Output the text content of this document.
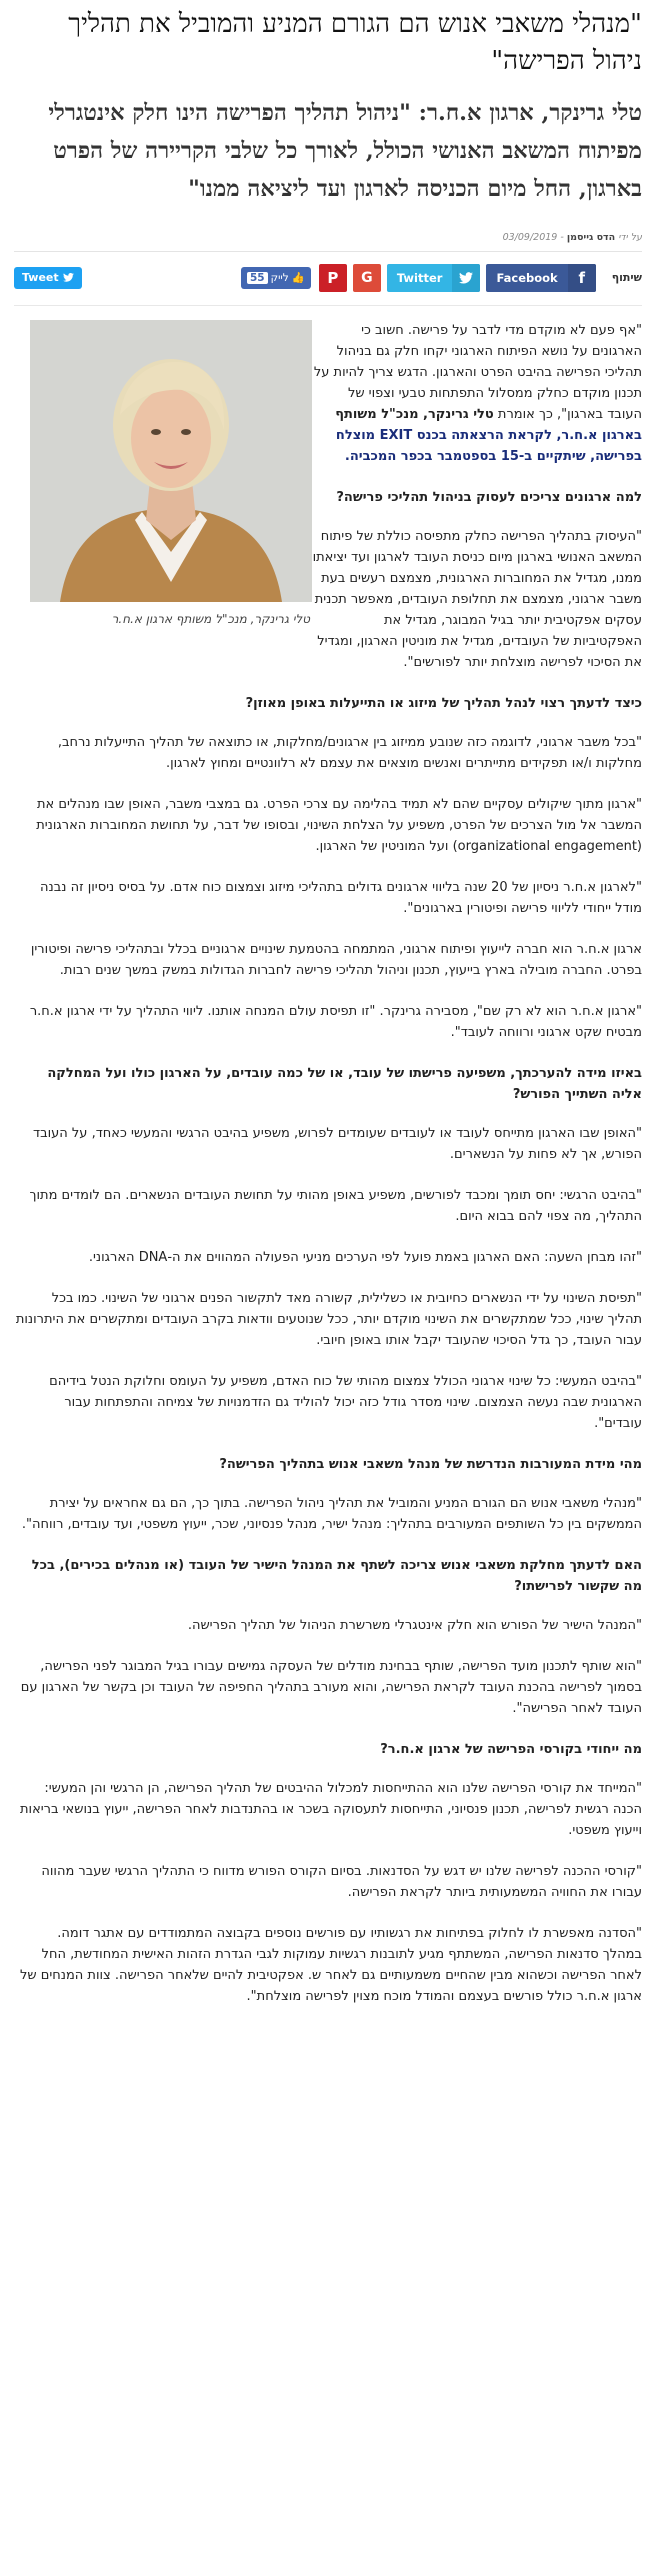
"מנהלי משאבי אנוש הם הגורם המניע והמוביל את תהליך ניהול הפרישה"
טלי גרינקר, ארגון א.ח.ר: "ניהול תהליך הפרישה הינו חלק אינטגרלי מפיתוח המשאב האנושי הכולל, לאורך כל שלבי הקריירה של הפרט בארגון, החל מיום הכניסה לארגון ועד ליציאה ממנו"
על ידי הדס גייסמן - 03/09/2019
שיתוף
f
Facebook
Twitter
G
P
👍
לייק
55
Tweet
טלי גרינקר, מנכ"ל משותף ארגון א.ח.ר

"אף פעם לא מוקדם מדי לדבר על פרישה. חשוב כי הארגונים על נושא הפיתוח הארגוני יקחו חלק גם בניהול תהליכי הפרישה בהיבט הפרט והארגון. הדגש צריך להיות על תכנון מוקדם כחלק ממסלול התפתחות טבעי וצפוי של העובד בארגון", כך אומרת טלי גרינקר, מנכ"ל משותף בארגון א.ח.ר, לקראת הרצאתה בכנס EXIT מוצלח בפרישה, שיתקיים ב-15 בספטמבר בכפר המכביה.

למה ארגונים צריכים לעסוק בניהול תהליכי פרישה?

"העיסוק בתהליך הפרישה כחלק מתפיסה כוללת של פיתוח המשאב האנושי בארגון מיום כניסת העובד לארגון ועד יציאתו ממנו, מגדיל את המחוברות הארגונית, מצמצם רעשים בעת משבר ארגוני, מצמצם את תחלופת העובדים, מאפשר תכנית עסקים אפקטיבית יותר בגיל המבוגר, מגדיל את האפקטיביות של העובדים, מגדיל את מוניטין הארגון, ומגדיל את הסיכוי לפרישה מוצלחת יותר לפורשים".

כיצד לדעתך רצוי לנהל תהליך של מיזוג או התייעלות באופן מאוזן?

"בכל משבר ארגוני, לדוגמה כזה שנובע ממיזוג בין ארגונים/מחלקות, או כתוצאה של תהליך התייעלות נרחב, מחלקות ו/או תפקידים מתייתרים ואנשים מוצאים את עצמם לא רלוונטיים ומחוץ לארגון.

"ארגון מתוך שיקולים עסקיים שהם לא תמיד בהלימה עם צרכי הפרט. גם במצבי משבר, האופן שבו מנהלים את המשבר אל מול הצרכים של הפרט, משפיע על הצלחת השינוי, ובסופו של דבר, על תחושת המחוברות הארגונית (organizational engagement) ועל המוניטין של הארגון.

"לארגון א.ח.ר ניסיון של 20 שנה בליווי ארגונים גדולים בתהליכי מיזוג וצמצום כוח אדם. על בסיס ניסיון זה נבנה מודל ייחודי לליווי פרישה ופיטורין בארגונים".

ארגון א.ח.ר הוא חברה לייעוץ ופיתוח ארגוני, המתמחה בהטמעת שינויים ארגוניים בכלל ובתהליכי פרישה ופיטורין בפרט. החברה מובילה בארץ בייעוץ, תכנון וניהול תהליכי פרישה לחברות הגדולות במשק במשך שנים רבות.

"ארגון א.ח.ר הוא לא רק שם", מסבירה גרינקר. "זו תפיסת עולם המנחה אותנו. ליווי התהליך על ידי ארגון א.ח.ר מבטיח שקט ארגוני ורווחה לעובד".

באיזו מידה להערכתך, משפיעה פרישתו של עובד, או של כמה עובדים, על הארגון כולו ועל המחלקה אליה השתייך הפורש?

"האופן שבו הארגון מתייחס לעובד או לעובדים שעומדים לפרוש, משפיע בהיבט הרגשי והמעשי כאחד, על העובד הפורש, אך לא פחות על הנשארים.

"בהיבט הרגשי: יחס תומך ומכבד לפורשים, משפיע באופן מהותי על תחושת העובדים הנשארים. הם לומדים מתוך התהליך, מה צפוי להם בבוא היום.

"זהו מבחן השעה: האם הארגון באמת פועל לפי הערכים מניעי הפעולה המהווים את ה-DNA הארגוני.

"תפיסת השינוי על ידי הנשארים כחיובית או כשלילית, קשורה מאד לתקשור הפנים ארגוני של השינוי. כמו בכל תהליך שינוי, ככל שמתקשרים את השינוי מוקדם יותר, ככל שנוטעים וודאות בקרב העובדים ומתקשרים את היתרונות עבור העובד, כך גדל הסיכוי שהעובד יקבל אותו באופן חיובי.

"בהיבט המעשי: כל שינוי ארגוני הכולל צמצום מהותי של כוח האדם, משפיע על העומס וחלוקת הנטל בידיהם הארגונית שבה נעשה הצמצום. שינוי מסדר גודל כזה יכול להוליד גם הזדמנויות של צמיחה והתפתחות עבור עובדים".

מהי מידת המעורבות הנדרשת של מנהל משאבי אנוש בתהליך הפרישה?

"מנהלי משאבי אנוש הם הגורם המניע והמוביל את תהליך ניהול הפרישה. בתוך כך, הם גם אחראים על יצירת הממשקים בין כל השותפים המעורבים בתהליך: מנהל ישיר, מנהל פנסיוני, שכר, ייעוץ משפטי, ועד עובדים, רווחה".

האם לדעתך מחלקת משאבי אנוש צריכה לשתף את המנהל הישיר של העובד (או מנהלים בכירים), בכל מה שקשור לפרישתו?

"המנהל הישיר של הפורש הוא חלק אינטגרלי משרשרת הניהול של תהליך הפרישה.

"הוא שותף לתכנון מועד הפרישה, שותף בבחינת מודלים של העסקה גמישים עבורו בגיל המבוגר לפני הפרישה, בסמוך לפרישה בהכנת העובד לקראת הפרישה, והוא מעורב בתהליך החפיפה של העובד וכן בקשר של הארגון עם העובד לאחר הפרישה".

מה ייחודי בקורסי הפרישה של ארגון א.ח.ר?

"המייחד את קורסי הפרישה שלנו הוא ההתייחסות למכלול ההיבטים של תהליך הפרישה, הן הרגשי והן המעשי: הכנה רגשית לפרישה, תכנון פנסיוני, התייחסות לתעסוקה בשכר או בהתנדבות לאחר הפרישה, ייעוץ בנושאי בריאות וייעוץ משפטי.

"קורסי ההכנה לפרישה שלנו יש דגש על הסדנאות. בסיום הקורס הפורש מדווח כי התהליך הרגשי שעבר מהווה עבורו את החוויה המשמעותית ביותר לקראת הפרישה.

"הסדנה מאפשרת לו לחלוק בפתיחות את רגשותיו עם פורשים נוספים בקבוצה המתמודדים עם אתגר דומה. במהלך סדנאות הפרישה, המשתתף מגיע לתובנות רגשיות עמוקות לגבי הגדרת הזהות האישית המחודשת, החל לאחר הפרישה וכשהוא מבין שהחיים משמעותיים גם לאחר ש. אפקטיבית להיים שלאחר הפרישה. צוות המנחים של ארגון א.ח.ר כולל פורשים בעצמם והמודל מוכח מצוין לפרישה מוצלחת".
